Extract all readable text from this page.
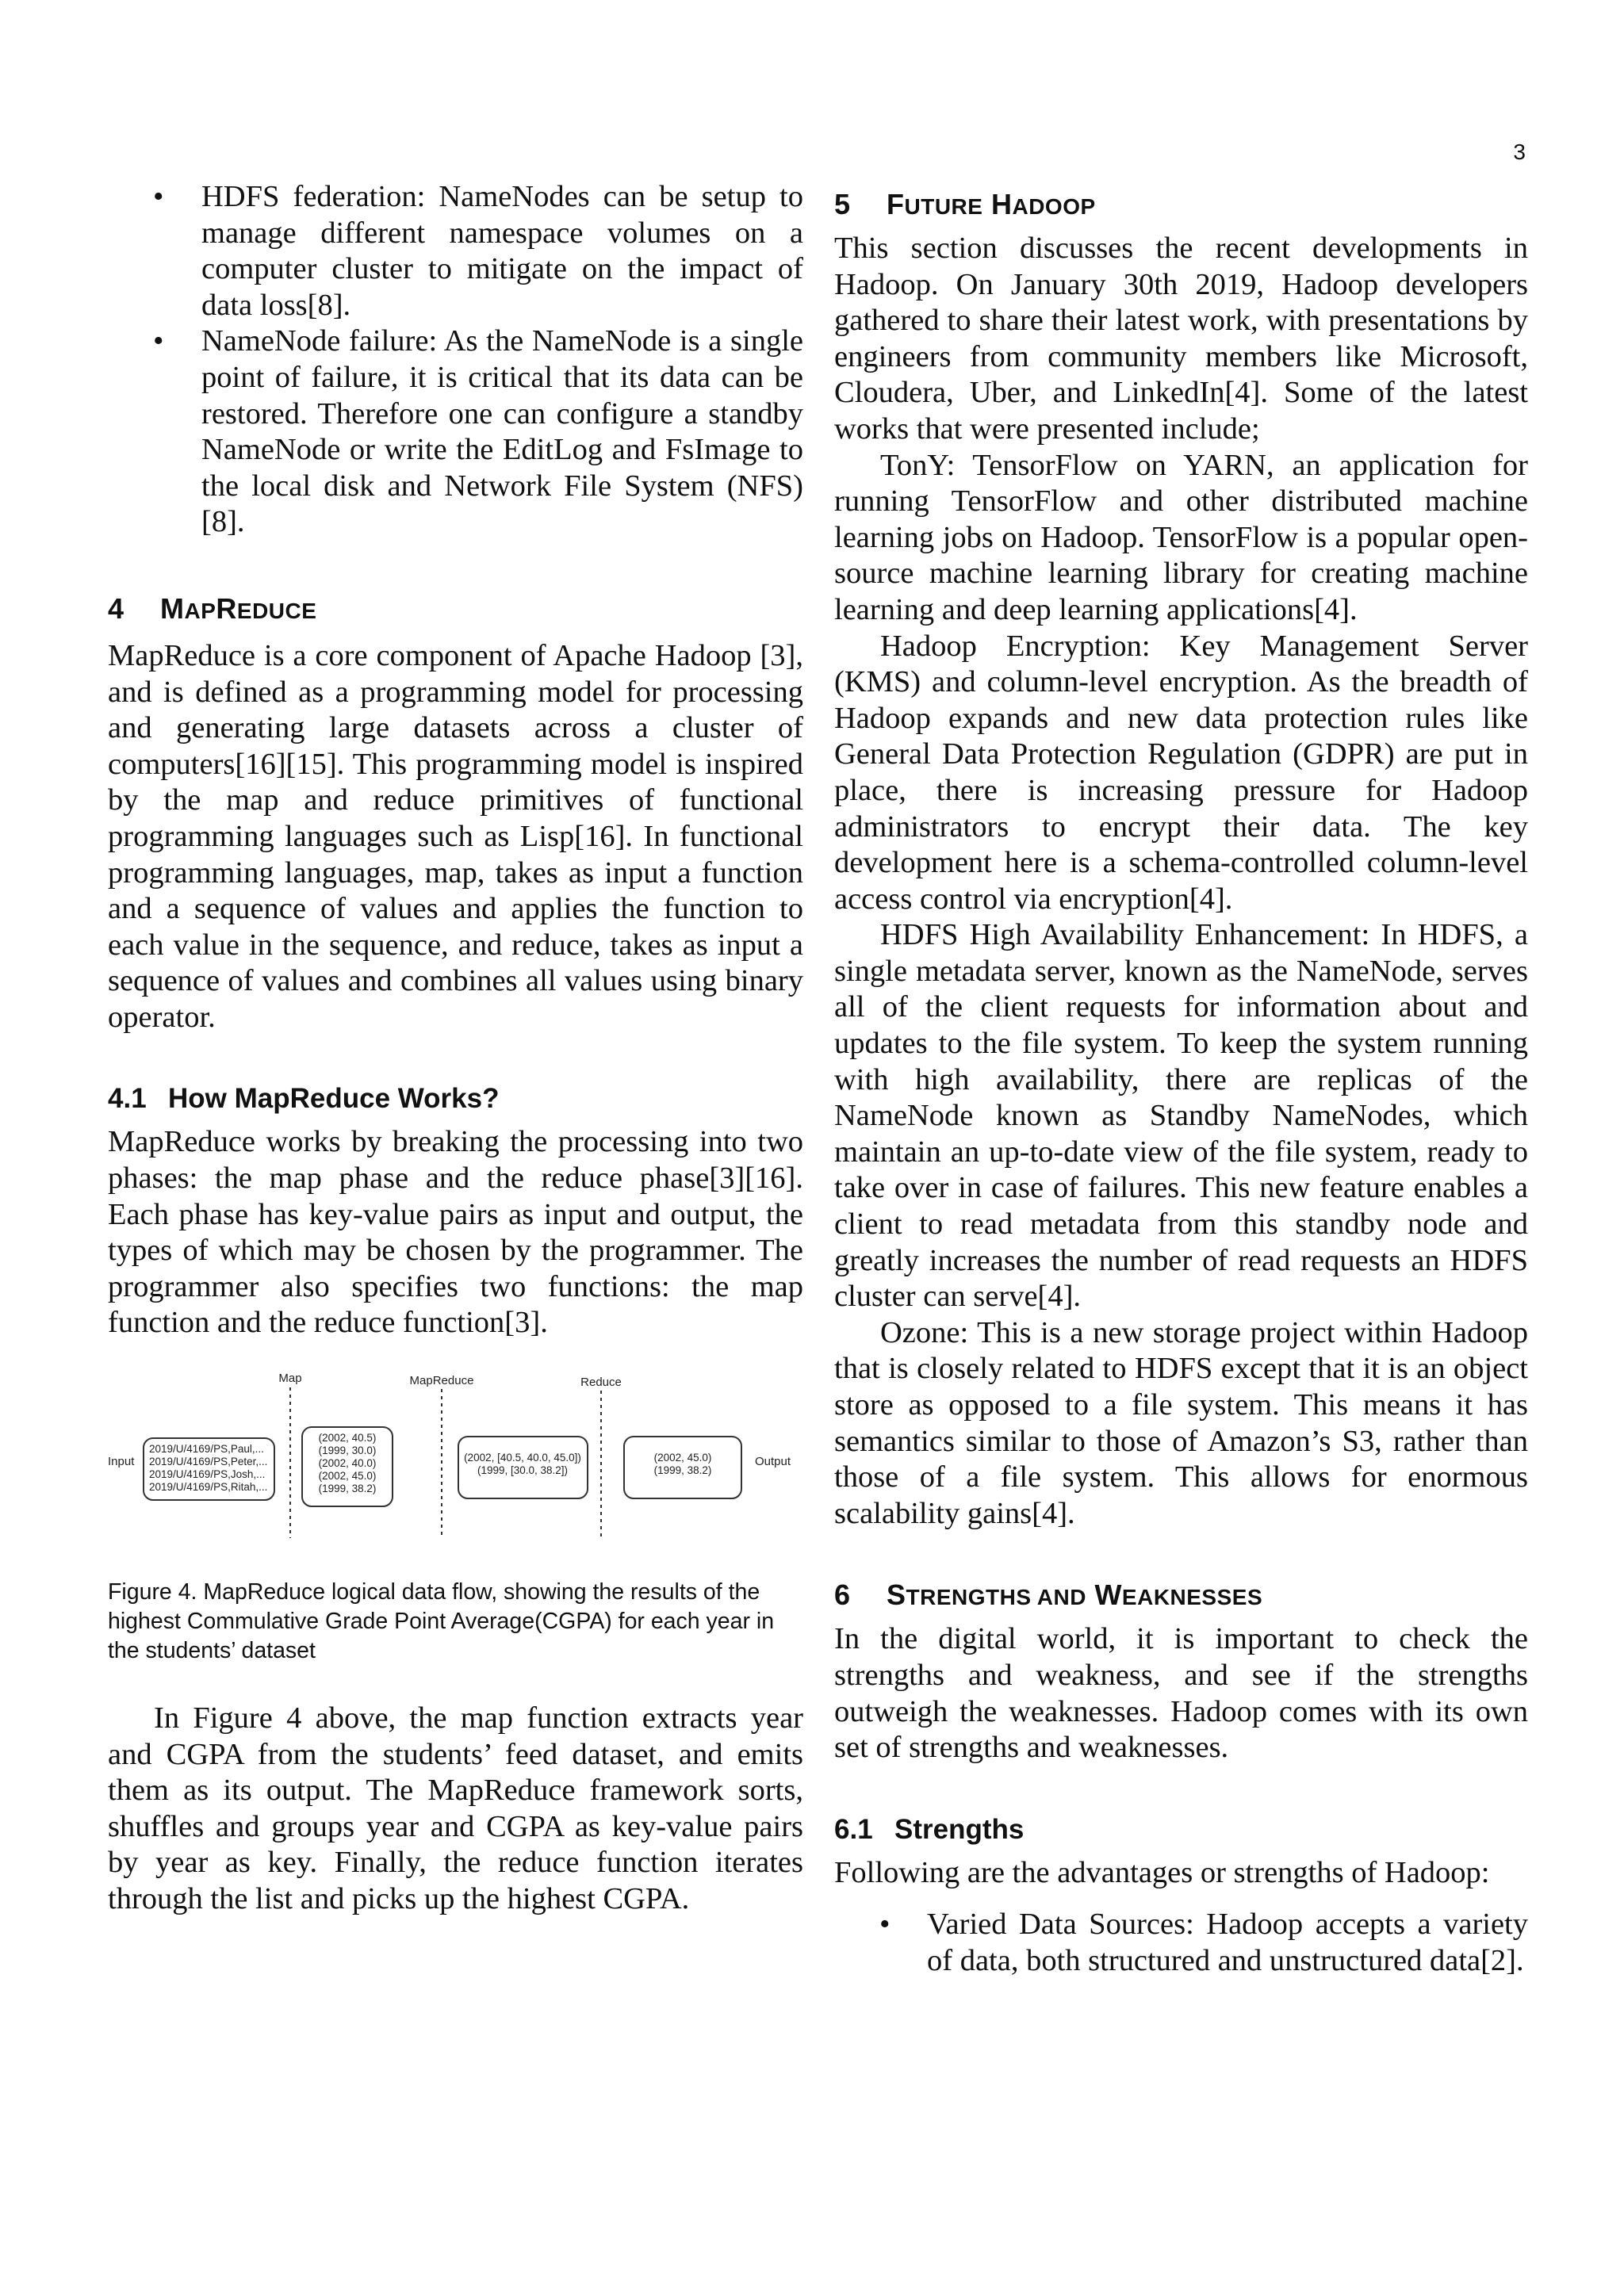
3
• HDFS federation: NameNodes can be setup to manage different namespace volumes on a computer cluster to mitigate on the impact of data loss[8].
• NameNode failure: As the NameNode is a single point of failure, it is critical that its data can be restored. Therefore one can configure a standby NameNode or write the EditLog and FsImage to the local disk and Network File System (NFS)[8].
4 MAPREDUCE

MapReduce is a core component of Apache Hadoop [3], and is defined as a programming model for processing and generating large datasets across a cluster of computers[16][15]. This programming model is inspired by the map and reduce primitives of functional programming languages such as Lisp[16]. In functional programming languages, map, takes as input a function and a sequence of values and applies the function to each value in the sequence, and reduce, takes as input a sequence of values and combines all values using binary operator.

4.1 How MapReduce Works?

MapReduce works by breaking the processing into two phases: the map phase and the reduce phase[3][16]. Each phase has key-value pairs as input and output, the types of which may be chosen by the programmer. The programmer also specifies two functions: the map function and the reduce function[3].

Map	MapReduce	Reduce
Input	Output
2019/U/4169/PS,Paul,...
2019/U/4169/PS,Peter,...
2019/U/4169/PS,Josh,...
2019/U/4169/PS,Ritah,...
(2002, 40.5)
(1999, 30.0)
(2002, 40.0)
(2002, 45.0)
(1999, 38.2)
(2002, [40.5, 40.0, 45.0])
(1999, [30.0, 38.2])
(2002, 45.0)
(1999, 38.2)

Figure 4. MapReduce logical data flow, showing the results of the highest Commulative Grade Point Average(CGPA) for each year in the students’ dataset

In Figure 4 above, the map function extracts year and CGPA from the students’ feed dataset, and emits them as its output. The MapReduce framework sorts, shuffles and groups year and CGPA as key-value pairs by year as key. Finally, the reduce function iterates through the list and picks up the highest CGPA.

5 FUTURE HADOOP

This section discusses the recent developments in Hadoop. On January 30th 2019, Hadoop developers gathered to share their latest work, with presentations by engineers from community members like Microsoft, Cloudera, Uber, and LinkedIn[4]. Some of the latest works that were presented include;

TonY: TensorFlow on YARN, an application for running TensorFlow and other distributed machine learning jobs on Hadoop. TensorFlow is a popular open-source machine learning library for creating machine learning and deep learning applications[4].

Hadoop Encryption: Key Management Server (KMS) and column-level encryption. As the breadth of Hadoop expands and new data protection rules like General Data Protection Regulation (GDPR) are put in place, there is increasing pressure for Hadoop administrators to encrypt their data. The key development here is a schema-controlled column-level access control via encryption[4].

HDFS High Availability Enhancement: In HDFS, a single metadata server, known as the NameNode, serves all of the client requests for information about and updates to the file system. To keep the system running with high availability, there are replicas of the NameNode known as Standby NameNodes, which maintain an up-to-date view of the file system, ready to take over in case of failures. This new feature enables a client to read metadata from this standby node and greatly increases the number of read requests an HDFS cluster can serve[4].

Ozone: This is a new storage project within Hadoop that is closely related to HDFS except that it is an object store as opposed to a file system. This means it has semantics similar to those of Amazon’s S3, rather than those of a file system. This allows for enormous scalability gains[4].

6 STRENGTHS AND WEAKNESSES

In the digital world, it is important to check the strengths and weakness, and see if the strengths outweigh the weaknesses. Hadoop comes with its own set of strengths and weaknesses.

6.1 Strengths

Following are the advantages or strengths of Hadoop:

• Varied Data Sources: Hadoop accepts a variety of data, both structured and unstructured data[2].
